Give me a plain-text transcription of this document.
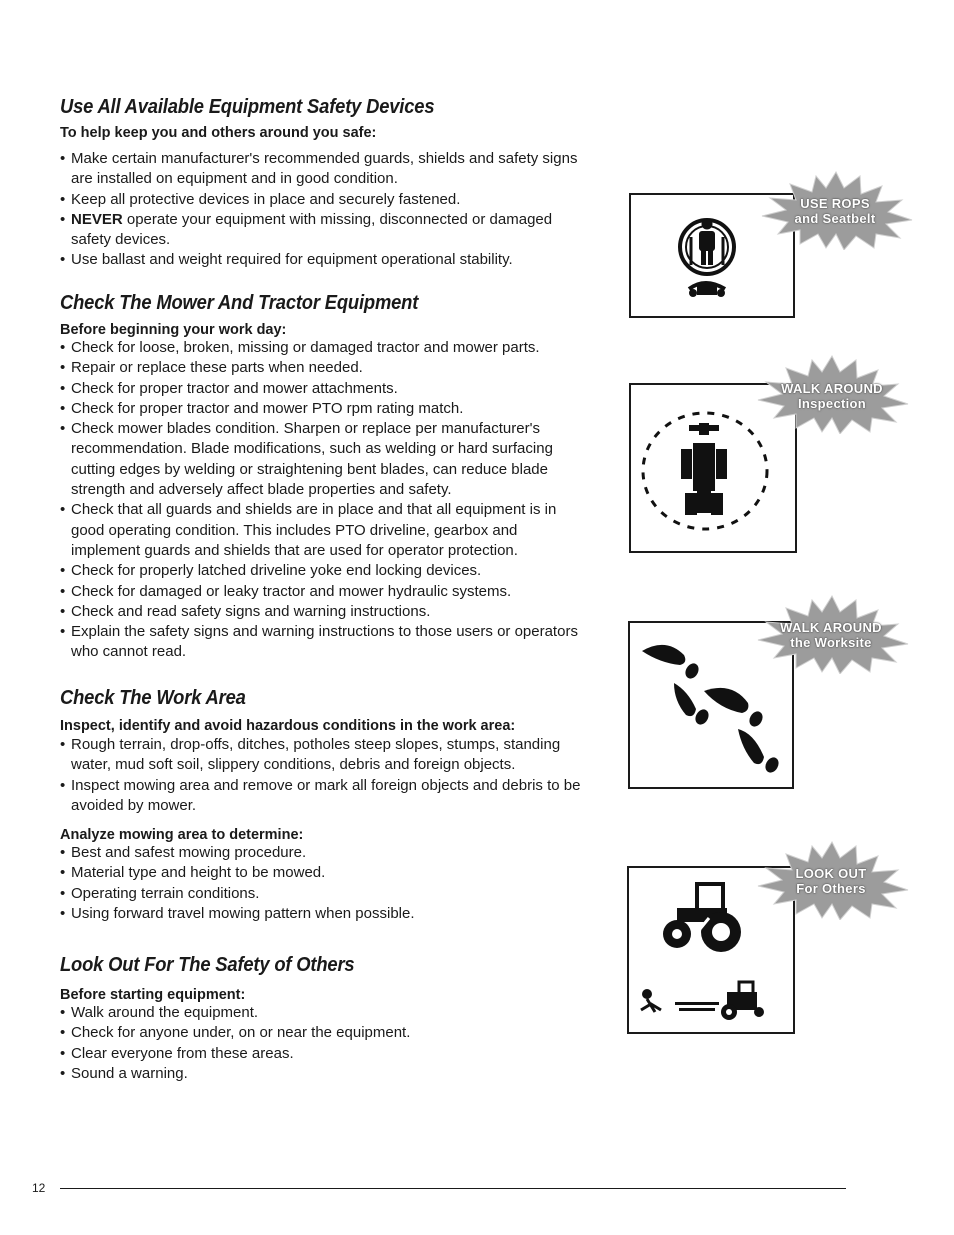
Use All Available Equipment Safety Devices

To help keep you and others around you safe:

• Make certain manufacturer's recommended guards, shields and safety signs are installed on equipment and in good condition.
• Keep all protective devices in place and securely fastened.
• NEVER operate your equipment with missing, disconnected or damaged safety devices.
• Use ballast and weight required for equipment operational stability.
Check The Mower And Tractor Equipment

Before beginning your work day:

• Check for loose, broken, missing or damaged tractor and mower parts.
• Repair or replace these parts when needed.
• Check for proper tractor and mower attachments.
• Check for proper tractor and mower PTO rpm rating match.
• Check mower blades condition. Sharpen or replace per manufacturer's recommendation. Blade modifications, such as welding or hard surfacing cutting edges by welding or straightening bent blades, can reduce blade strength and adversely affect blade properties and safety.
• Check that all guards and shields are in place and that all equipment is in good operating condition. This includes PTO driveline, gearbox and implement guards and shields that are used for operator protection.
• Check for properly latched driveline yoke end locking devices.
• Check for damaged or leaky tractor and mower hydraulic systems.
• Check and read safety signs and warning instructions.
• Explain the safety signs and warning instructions to those users or operators who cannot read.
Check The Work Area

Inspect, identify and avoid hazardous conditions in the work area:

• Rough terrain, drop-offs, ditches, potholes steep slopes, stumps, standing water, mud soft soil, slippery conditions, debris and foreign objects.
• Inspect mowing area and remove or mark all foreign objects and debris to be avoided by mower.

Analyze mowing area to determine:

• Best and safest mowing procedure.
• Material type and height to be mowed.
• Operating terrain conditions.
• Using forward travel mowing pattern when possible.
Look Out For The Safety of Others

Before starting equipment:

• Walk around the equipment.
• Check for anyone under, on or near the equipment.
• Clear everyone from these areas.
• Sound a warning.
USE ROPS
and Seatbelt
WALK AROUND
Inspection
WALK AROUND
the Worksite
LOOK OUT
For Others
12
